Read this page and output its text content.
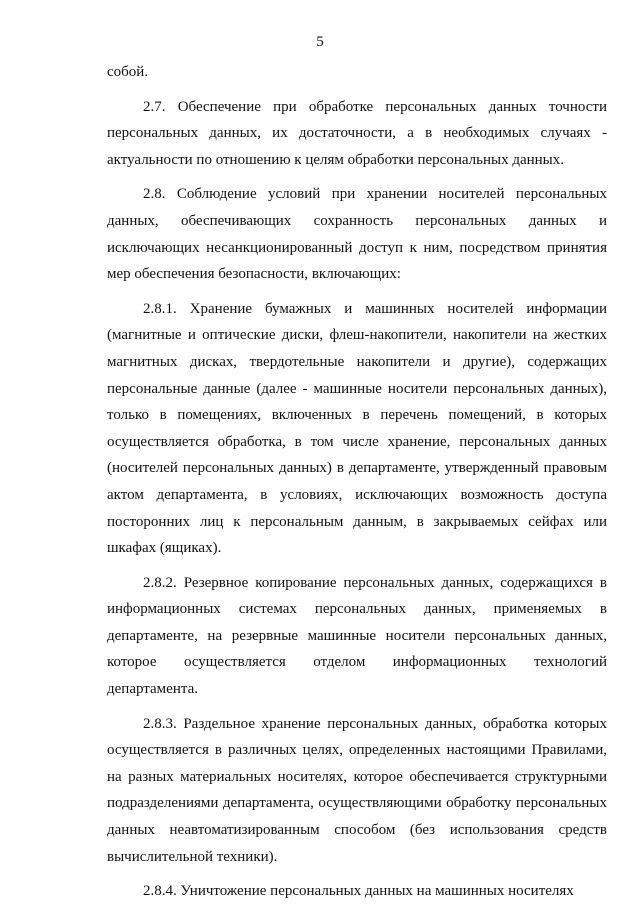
5

собой.

2.7. Обеспечение при обработке персональных данных точности персональных данных, их достаточности, а в необходимых случаях - актуальности по отношению к целям обработки персональных данных.

2.8. Соблюдение условий при хранении носителей персональных данных, обеспечивающих сохранность персональных данных и исключающих несанкционированный доступ к ним, посредством принятия мер обеспечения безопасности, включающих:

2.8.1. Хранение бумажных и машинных носителей информации (магнитные и оптические диски, флеш-накопители, накопители на жестких магнитных дисках, твердотельные накопители и другие), содержащих персональные данные (далее - машинные носители персональных данных), только в помещениях, включенных в перечень помещений, в которых осуществляется обработка, в том числе хранение, персональных данных (носителей персональных данных) в департаменте, утвержденный правовым актом департамента, в условиях, исключающих возможность доступа посторонних лиц к персональным данным, в закрываемых сейфах или шкафах (ящиках).

2.8.2. Резервное копирование персональных данных, содержащихся в информационных системах персональных данных, применяемых в департаменте, на резервные машинные носители персональных данных, которое осуществляется отделом информационных технологий департамента.

2.8.3. Раздельное хранение персональных данных, обработка которых осуществляется в различных целях, определенных настоящими Правилами, на разных материальных носителях, которое обеспечивается структурными подразделениями департамента, осуществляющими обработку персональных данных неавтоматизированным способом (без использования средств вычислительной техники).

2.8.4. Уничтожение персональных данных на машинных носителях
